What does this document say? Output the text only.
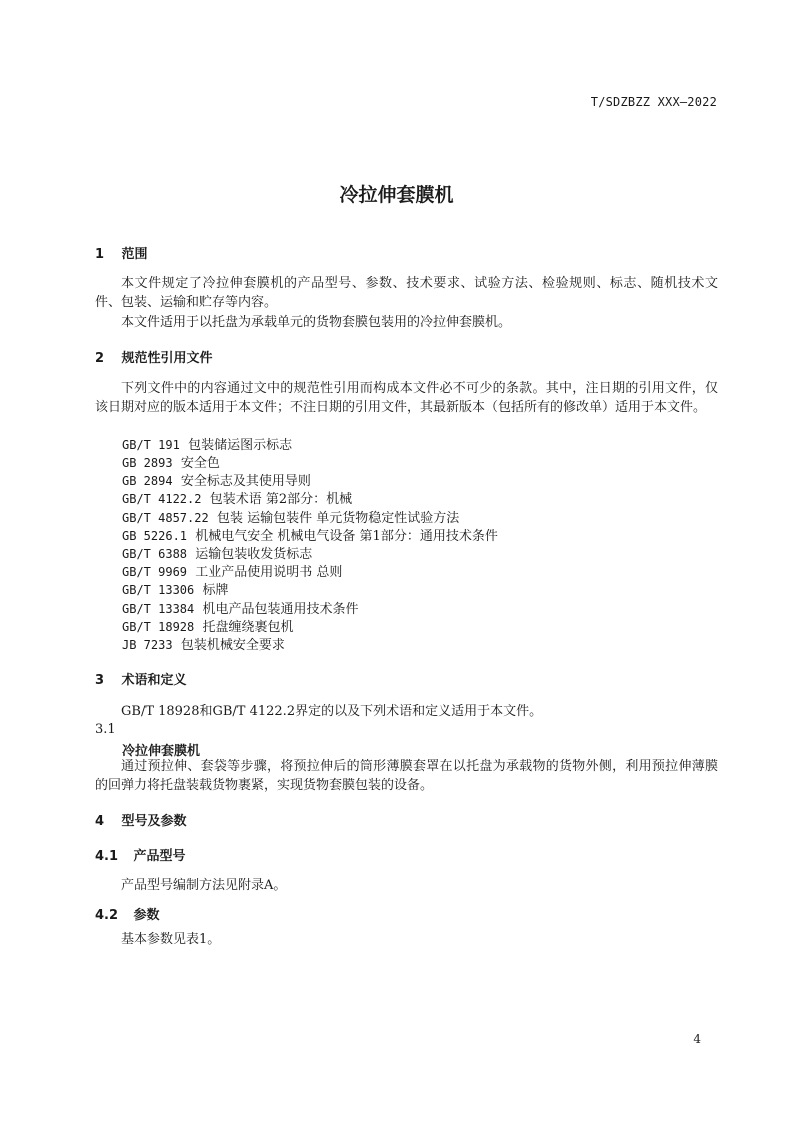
T/SDZBZZ XXX—2022
冷拉伸套膜机
1 范围
本文件规定了冷拉伸套膜机的产品型号、参数、技术要求、试验方法、检验规则、标志、随机技术文件、包装、运输和贮存等内容。
本文件适用于以托盘为承载单元的货物套膜包装用的冷拉伸套膜机。
2 规范性引用文件
下列文件中的内容通过文中的规范性引用而构成本文件必不可少的条款。其中，注日期的引用文件，仅该日期对应的版本适用于本文件；不注日期的引用文件，其最新版本（包括所有的修改单）适用于本文件。
GB/T 191 包装储运图示标志
GB 2893 安全色
GB 2894 安全标志及其使用导则
GB/T 4122.2 包装术语 第2部分：机械
GB/T 4857.22 包装 运输包装件 单元货物稳定性试验方法
GB 5226.1 机械电气安全 机械电气设备 第1部分：通用技术条件
GB/T 6388 运输包装收发货标志
GB/T 9969 工业产品使用说明书 总则
GB/T 13306 标牌
GB/T 13384 机电产品包装通用技术条件
GB/T 18928 托盘缠绕裹包机
JB 7233 包装机械安全要求
3 术语和定义
GB/T 18928和GB/T 4122.2界定的以及下列术语和定义适用于本文件。
3.1
冷拉伸套膜机
通过预拉伸、套袋等步骤，将预拉伸后的筒形薄膜套罩在以托盘为承载物的货物外侧，利用预拉伸薄膜的回弹力将托盘装载货物裹紧，实现货物套膜包装的设备。
4 型号及参数
4.1 产品型号
产品型号编制方法见附录A。
4.2 参数
基本参数见表1。
4
